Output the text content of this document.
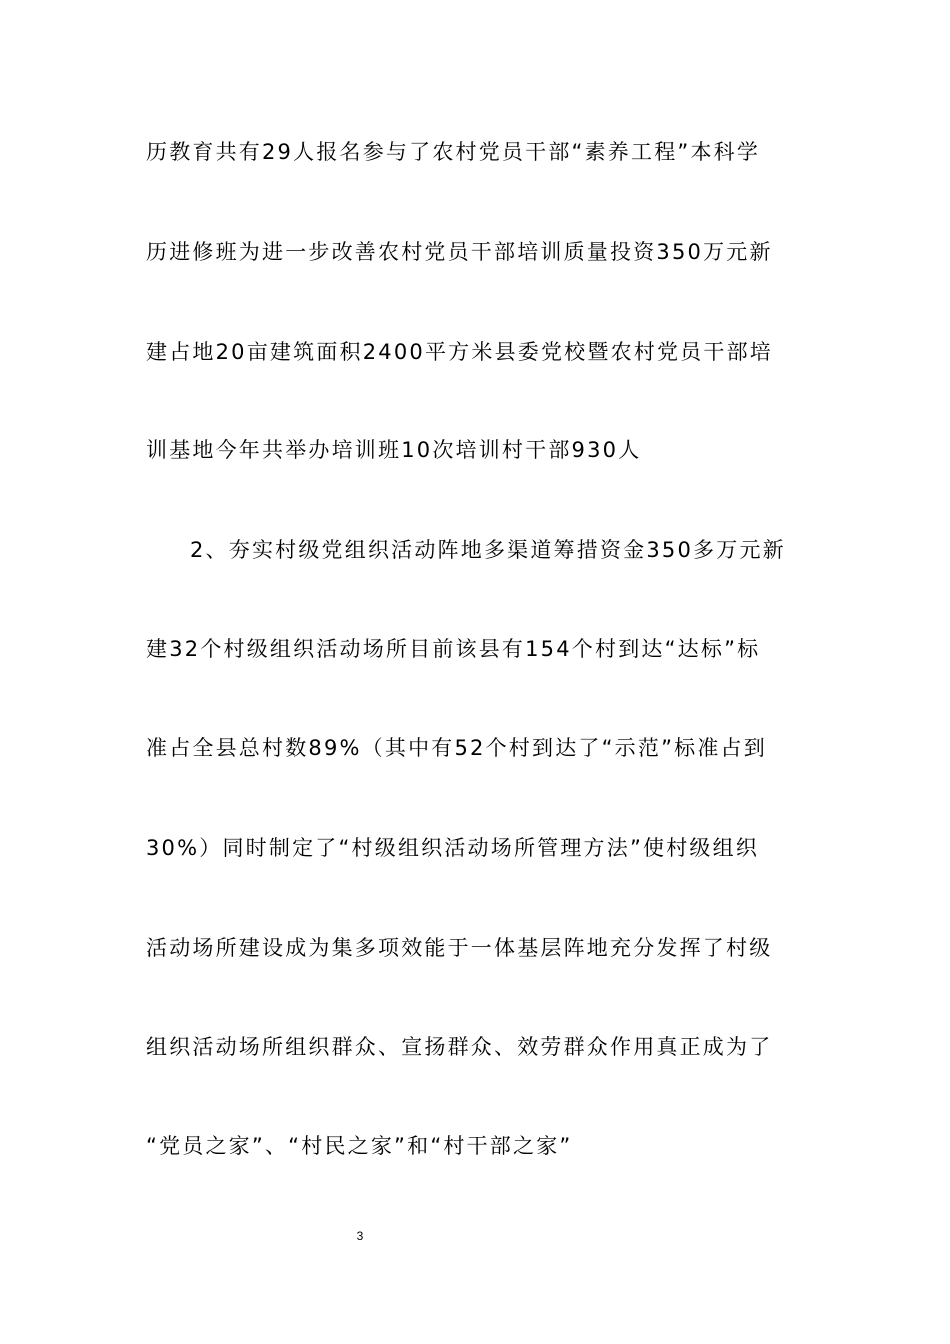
历教育共有29人报名参与了农村党员干部“素养工程”本科学
历进修班为进一步改善农村党员干部培训质量投资350万元新
建占地20亩建筑面积2400平方米县委党校暨农村党员干部培
训基地今年共举办培训班10次培训村干部930人
2、夯实村级党组织活动阵地多渠道筹措资金350多万元新
建32个村级组织活动场所目前该县有154个村到达“达标”标
准占全县总村数89%（其中有52个村到达了“示范”标准占到
30%）同时制定了“村级组织活动场所管理方法”使村级组织
活动场所建设成为集多项效能于一体基层阵地充分发挥了村级
组织活动场所组织群众、宣扬群众、效劳群众作用真正成为了
“党员之家”、“村民之家”和“村干部之家”
3
